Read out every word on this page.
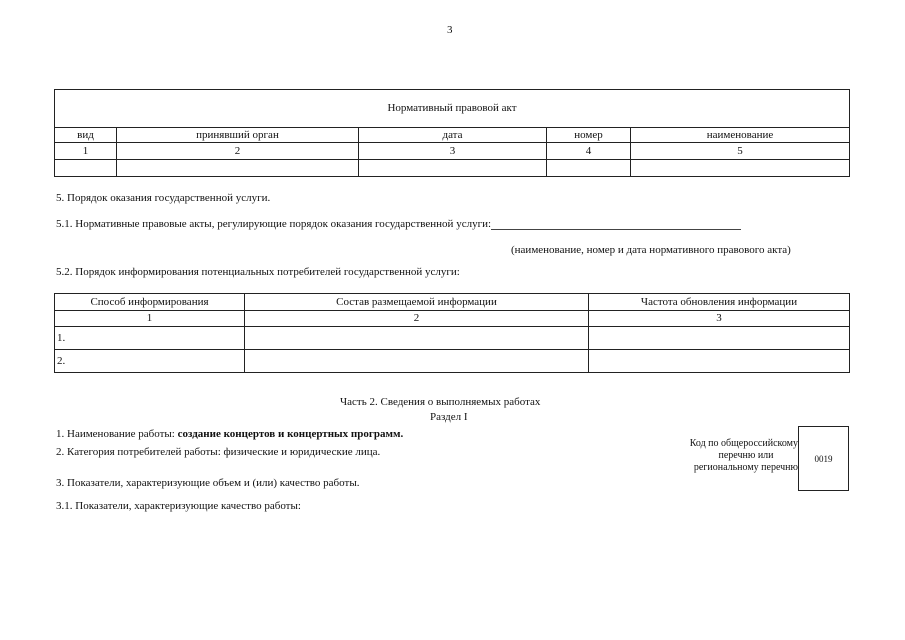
3
Нормативный правовой акт				
вид	принявший орган	дата	номер	наименование
1	2	3	4	5

5. Порядок оказания государственной услуги.
5.1. Нормативные правовые акты, регулирующие порядок оказания государственной услуги:
(наименование, номер и дата нормативного правового акта)
5.2. Порядок информирования потенциальных потребителей государственной услуги:
Способ информирования	Состав размещаемой информации	Частота обновления информации
1	2	3
1.		
2.		
Часть 2. Сведения о выполняемых работах
Раздел I
1. Наименование работы: создание концертов и концертных программ.
2. Категория потребителей работы: физические и юридические лица.
3. Показатели, характеризующие объем и (или) качество работы.
3.1. Показатели, характеризующие качество работы:
Код по общероссийскому
перечню или
региональному перечню
0019
